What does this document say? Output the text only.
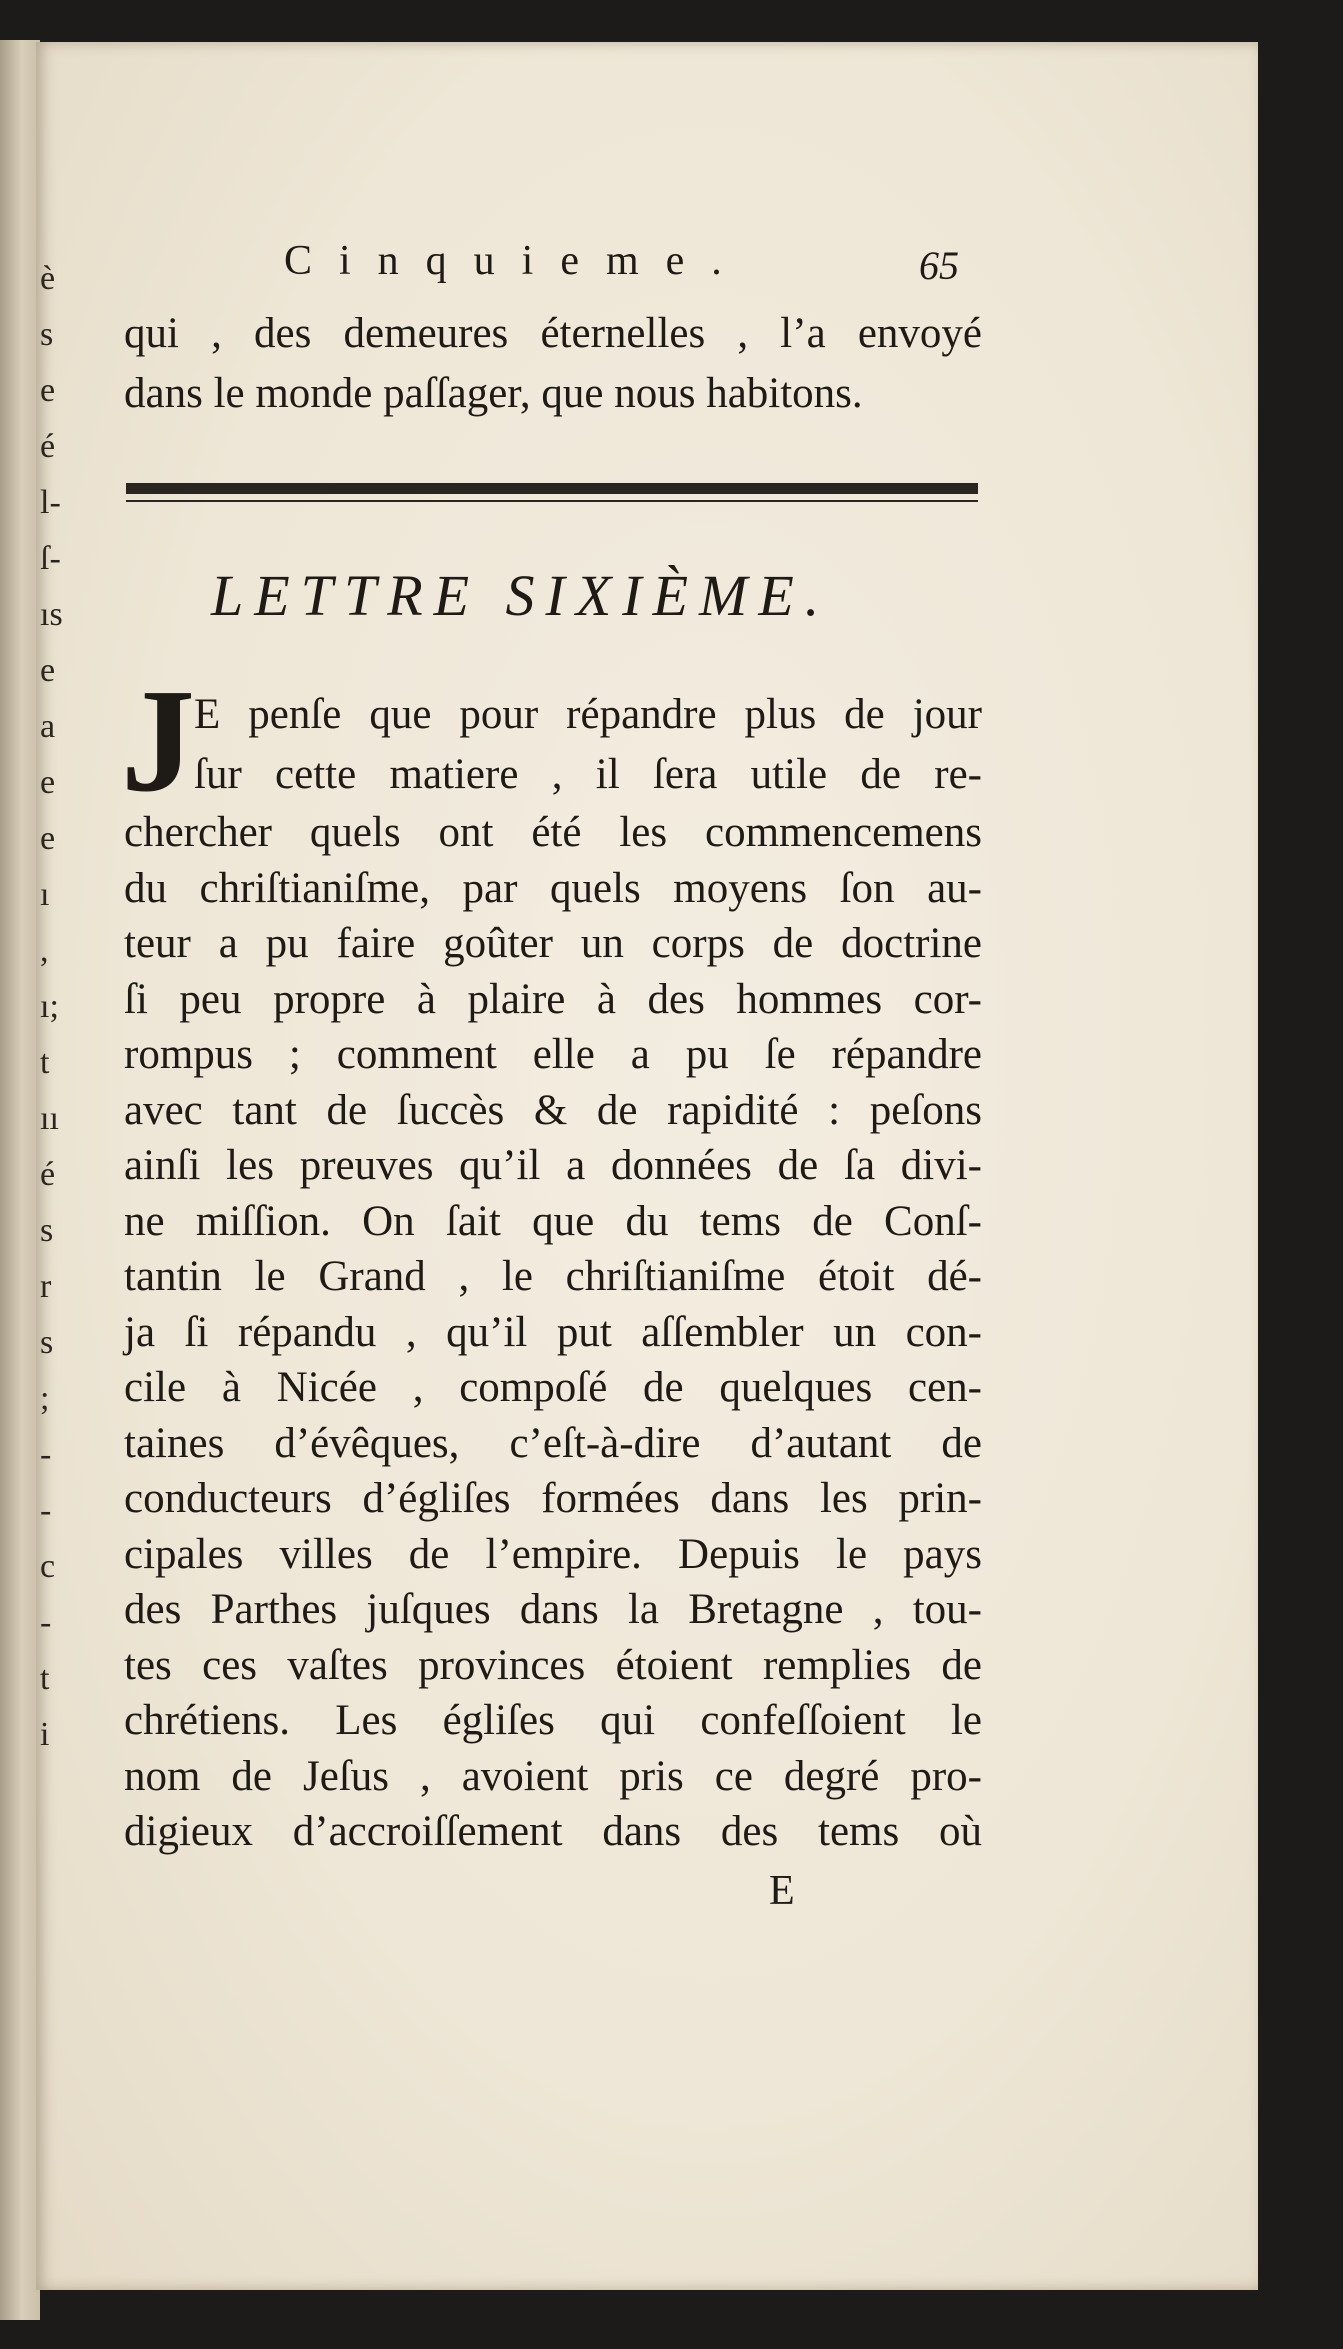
è
s
e
é
l-
ſ-
ıs
e
a
e
e
ı
,
ı;
t
ıı
é
s
r
s
;
-
-
c
-
t
i
Cinquieme.	65
qui , des demeures éternelles , l’a envoyé
dans le monde paſſager, que nous habitons.
LETTRE SIXIÈME.
J E penſe que pour répandre plus de jour
ſur cette matiere , il ſera utile de re-
chercher quels ont été les commencemens
du chriſtianiſme, par quels moyens ſon au-
teur a pu faire goûter un corps de doctrine
ſi peu propre à plaire à des hommes cor-
rompus ; comment elle a pu ſe répandre
avec tant de ſuccès & de rapidité : peſons
ainſi les preuves qu’il a données de ſa divi-
ne miſſion. On ſait que du tems de Conſ-
tantin le Grand , le chriſtianiſme étoit dé-
ja ſi répandu , qu’il put aſſembler un con-
cile à Nicée , compoſé de quelques cen-
taines d’évêques, c’eſt-à-dire d’autant de
conducteurs d’égliſes formées dans les prin-
cipales villes de l’empire. Depuis le pays
des Parthes juſques dans la Bretagne , tou-
tes ces vaſtes provinces étoient remplies de
chrétiens. Les égliſes qui confeſſoient le
nom de Jeſus , avoient pris ce degré pro-
digieux d’accroiſſement dans des tems où
E
